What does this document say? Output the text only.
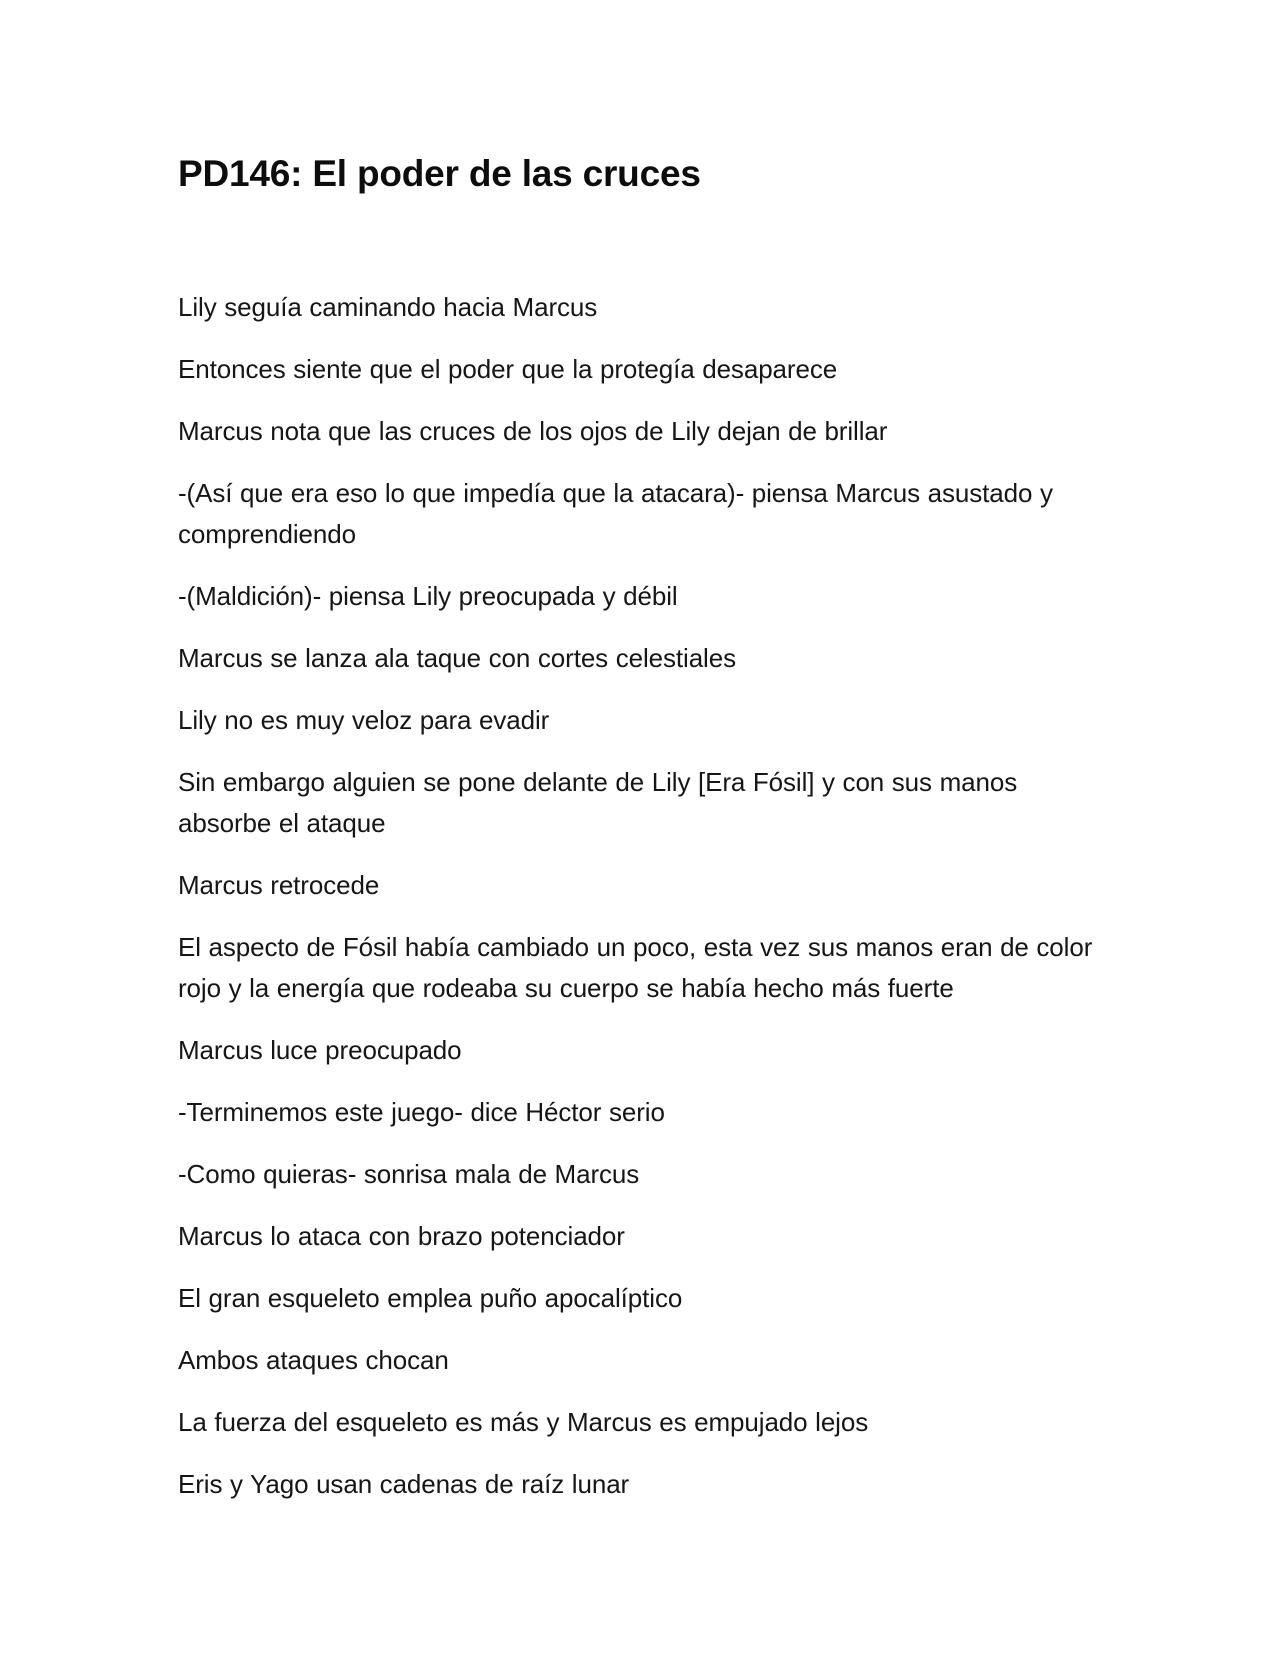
PD146: El poder de las cruces

Lily seguía caminando hacia Marcus

Entonces siente que el poder que la protegía desaparece

Marcus nota que las cruces de los ojos de Lily dejan de brillar

-(Así que era eso lo que impedía que la atacara)- piensa Marcus asustado y comprendiendo

-(Maldición)- piensa Lily preocupada y débil

Marcus se lanza ala taque con cortes celestiales

Lily no es muy veloz para evadir

Sin embargo alguien se pone delante de Lily [Era Fósil] y con sus manos absorbe el ataque

Marcus retrocede

El aspecto de Fósil había cambiado un poco, esta vez sus manos eran de color rojo y la energía que rodeaba su cuerpo se había hecho más fuerte

Marcus luce preocupado

-Terminemos este juego- dice Héctor serio

-Como quieras- sonrisa mala de Marcus

Marcus lo ataca con brazo potenciador

El gran esqueleto emplea puño apocalíptico

Ambos ataques chocan

La fuerza del esqueleto es más y Marcus es empujado lejos

Eris y Yago usan cadenas de raíz lunar
